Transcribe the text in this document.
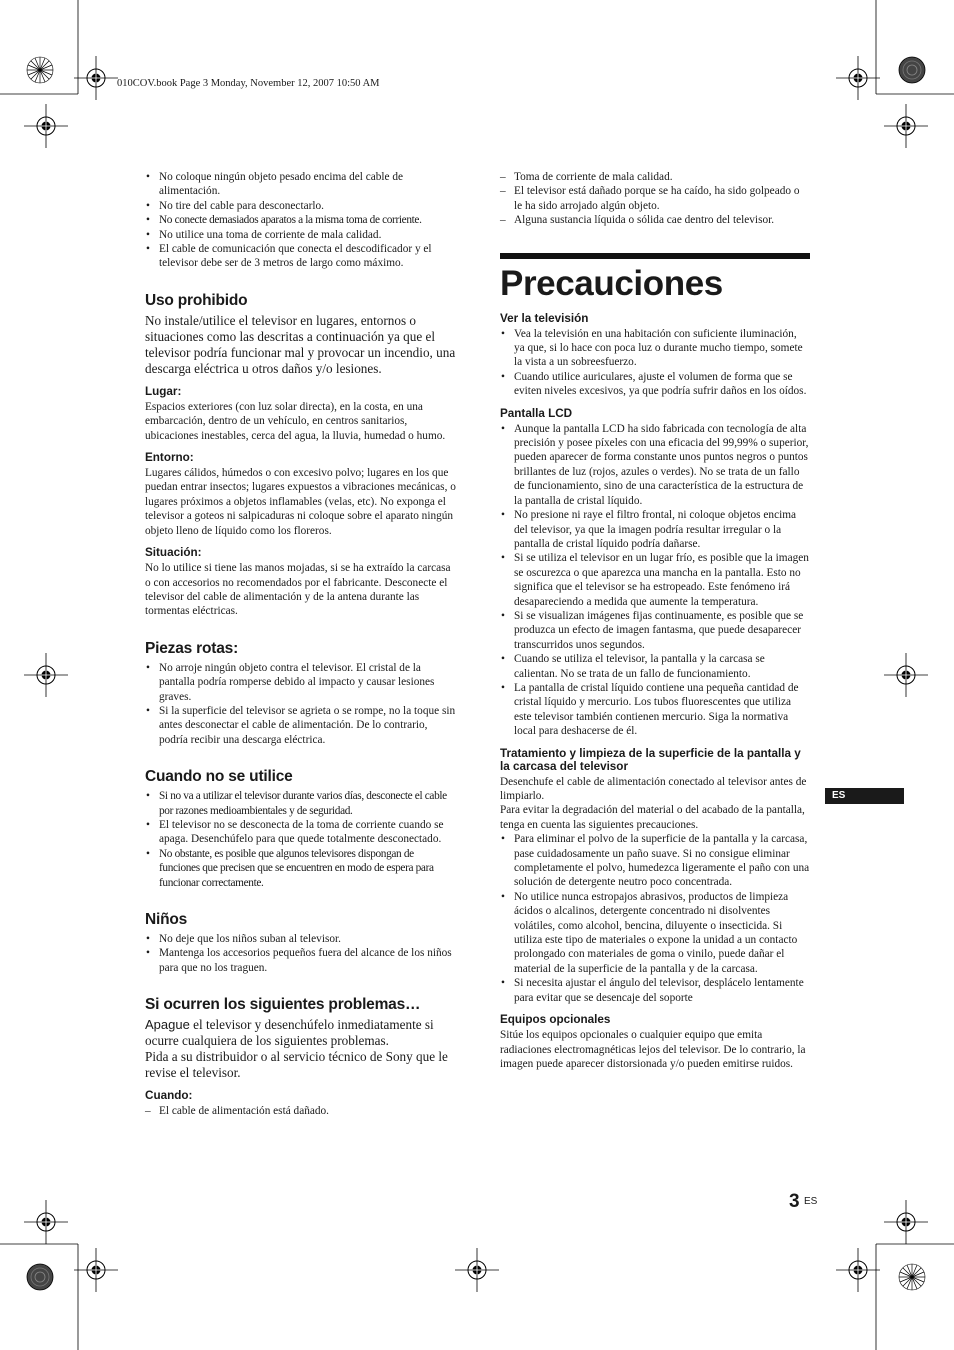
010COV.book Page 3 Monday, November 12, 2007 10:50 AM
• No coloque ningún objeto pesado encima del cable de alimentación.
• No tire del cable para desconectarlo.
• No conecte demasiados aparatos a la misma toma de corriente.
• No utilice una toma de corriente de mala calidad.
• El cable de comunicación que conecta el descodificador y el televisor debe ser de 3 metros de largo como máximo.
Uso prohibido

No instale/utilice el televisor en lugares, entornos o situaciones como las descritas a continuación ya que el televisor podría funcionar mal y provocar un incendio, una descarga eléctrica u otros daños y/o lesiones.

Lugar:

Espacios exteriores (con luz solar directa), en la costa, en una embarcación, dentro de un vehículo, en centros sanitarios, ubicaciones inestables, cerca del agua, la lluvia, humedad o humo.

Entorno:

Lugares cálidos, húmedos o con excesivo polvo; lugares en los que puedan entrar insectos; lugares expuestos a vibraciones mecánicas, o lugares próximos a objetos inflamables (velas, etc). No exponga el televisor a goteos ni salpicaduras ni coloque sobre el aparato ningún objeto lleno de líquido como los floreros.

Situación:

No lo utilice si tiene las manos mojadas, si se ha extraído la carcasa o con accesorios no recomendados por el fabricante. Desconecte el televisor del cable de alimentación y de la antena durante las tormentas eléctricas.

Piezas rotas:
• No arroje ningún objeto contra el televisor. El cristal de la pantalla podría romperse debido al impacto y causar lesiones graves.
• Si la superficie del televisor se agrieta o se rompe, no la toque sin antes desconectar el cable de alimentación. De lo contrario, podría recibir una descarga eléctrica.
Cuando no se utilice
• Si no va a utilizar el televisor durante varios días, desconecte el cable por razones medioambientales y de seguridad.
• El televisor no se desconecta de la toma de corriente cuando se apaga. Desenchúfelo para que quede totalmente desconectado.
• No obstante, es posible que algunos televisores dispongan de funciones que precisen que se encuentren en modo de espera para funcionar correctamente.
Niños
• No deje que los niños suban al televisor.
• Mantenga los accesorios pequeños fuera del alcance de los niños para que no los traguen.
Si ocurren los siguientes problemas…

Apague el televisor y desenchúfelo inmediatamente si ocurre cualquiera de los siguientes problemas.

Pida a su distribuidor o al servicio técnico de Sony que le revise el televisor.

Cuando:
– El cable de alimentación está dañado.
– Toma de corriente de mala calidad.
– El televisor está dañado porque se ha caído, ha sido golpeado o le ha sido arrojado algún objeto.
– Alguna sustancia líquida o sólida cae dentro del televisor.
Precauciones
Ver la televisión
• Vea la televisión en una habitación con suficiente iluminación, ya que, si lo hace con poca luz o durante mucho tiempo, somete la vista a un sobreesfuerzo.
• Cuando utilice auriculares, ajuste el volumen de forma que se eviten niveles excesivos, ya que podría sufrir daños en los oídos.
Pantalla LCD
• Aunque la pantalla LCD ha sido fabricada con tecnología de alta precisión y posee píxeles con una eficacia del 99,99% o superior, pueden aparecer de forma constante unos puntos negros o puntos brillantes de luz (rojos, azules o verdes). No se trata de un fallo de funcionamiento, sino de una característica de la estructura de la pantalla de cristal líquido.
• No presione ni raye el filtro frontal, ni coloque objetos encima del televisor, ya que la imagen podría resultar irregular o la pantalla de cristal líquido podría dañarse.
• Si se utiliza el televisor en un lugar frío, es posible que la imagen se oscurezca o que aparezca una mancha en la pantalla. Esto no significa que el televisor se ha estropeado. Este fenómeno irá desapareciendo a medida que aumente la temperatura.
• Si se visualizan imágenes fijas continuamente, es posible que se produzca un efecto de imagen fantasma, que puede desaparecer transcurridos unos segundos.
• Cuando se utiliza el televisor, la pantalla y la carcasa se calientan. No se trata de un fallo de funcionamiento.
• La pantalla de cristal líquido contiene una pequeña cantidad de cristal líquido y mercurio. Los tubos fluorescentes que utiliza este televisor también contienen mercurio. Siga la normativa local para deshacerse de él.
Tratamiento y limpieza de la superficie de la pantalla y la carcasa del televisor

Desenchufe el cable de alimentación conectado al televisor antes de limpiarlo.

Para evitar la degradación del material o del acabado de la pantalla, tenga en cuenta las siguientes precauciones.

• Para eliminar el polvo de la superficie de la pantalla y la carcasa, pase cuidadosamente un paño suave. Si no consigue eliminar completamente el polvo, humedezca ligeramente el paño con una solución de detergente neutro poco concentrada.
• No utilice nunca estropajos abrasivos, productos de limpieza ácidos o alcalinos, detergente concentrado ni disolventes volátiles, como alcohol, bencina, diluyente o insecticida. Si utiliza este tipo de materiales o expone la unidad a un contacto prolongado con materiales de goma o vinilo, puede dañar el material de la superficie de la pantalla y de la carcasa.
• Si necesita ajustar el ángulo del televisor, desplácelo lentamente para evitar que se desencaje del soporte
Equipos opcionales

Sitúe los equipos opcionales o cualquier equipo que emita radiaciones electromagnéticas lejos del televisor. De lo contrario, la imagen puede aparecer distorsionada y/o pueden emitirse ruidos.

ES
3 ES
